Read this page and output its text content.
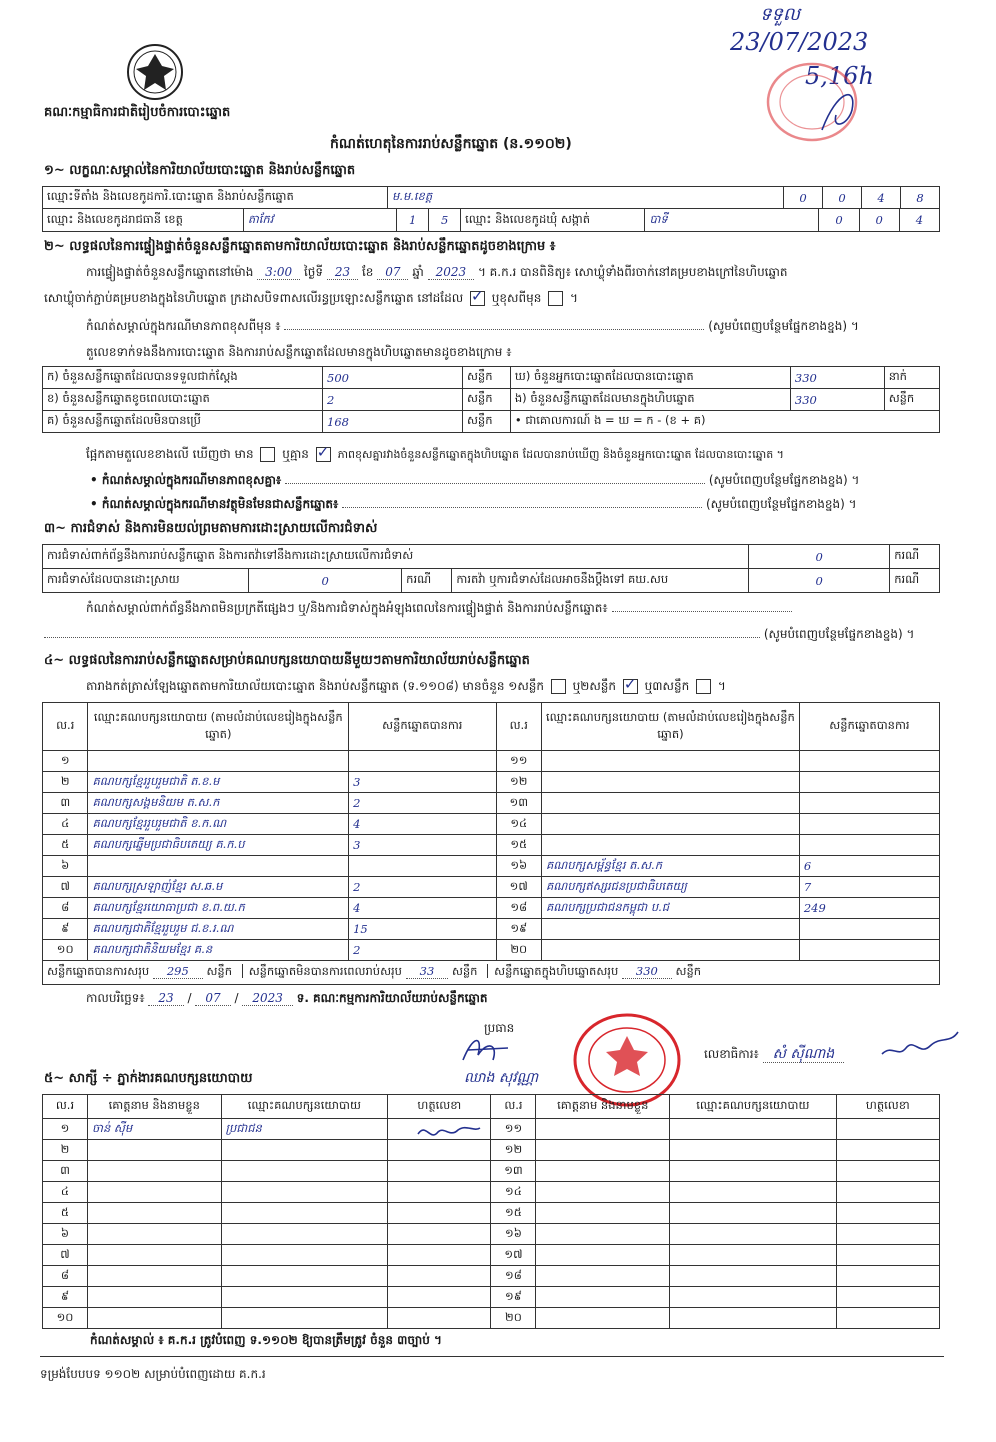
គណៈកម្មាធិការជាតិរៀបចំការបោះឆ្នោត
កំណត់ហេតុនៃការរាប់សន្លឹកឆ្នោត (ន.១១០២)
ទទួល
23/07/2023
5,16h
១~ លក្ខណៈសម្គាល់នៃការិយាល័យបោះឆ្នោត និងរាប់សន្លឹកឆ្នោត
ឈ្មោះទីតាំង និងលេខកូដការិ.បោះឆ្នោត និងរាប់សន្លឹកឆ្នោត	ម.ម.ខេត្ត	0	0	4	8

ឈ្មោះ និងលេខកូដរាជធានី ខេត្ត	តាកែវ	1	5	ឈ្មោះ និងលេខកូដឃុំ សង្កាត់	បាទី	0	0	4
២~ លទ្ធផលនៃការផ្ទៀងផ្ទាត់ចំនួនសន្លឹកឆ្នោតតាមការិយាល័យបោះឆ្នោត និងរាប់សន្លឹកឆ្នោតដូចខាងក្រោម ៖
ការផ្ទៀងផ្ទាត់ចំនួនសន្លឹកឆ្នោតនៅម៉ោង 3:00 ថ្ងៃទី 23 ខែ 07 ឆ្នាំ 2023 ។ គ.ក.រ បានពិនិត្យ៖ សោឃ្លុំទាំងពីរចាក់នៅគម្របខាងក្រៅនៃហិបឆ្នោត
សោឃ្លុំចាក់ភ្ជាប់គម្របខាងក្នុងនៃហិបឆ្នោត ក្រដាសបិទពាសលើរន្ធប្រឡោះសន្លឹកឆ្នោត នៅដដែល ✓ ឬខុសពីមុន  ។
កំណត់សម្គាល់ក្នុងករណីមានភាពខុសពីមុន ៖	(សូមបំពេញបន្ថែមផ្នែកខាងខ្នង) ។
តួលេខទាក់ទងនឹងការបោះឆ្នោត និងការរាប់សន្លឹកឆ្នោតដែលមានក្នុងហិបឆ្នោតមានដូចខាងក្រោម ៖
ក) ចំនួនសន្លឹកឆ្នោតដែលបានទទួលជាក់ស្តែង	500	សន្លឹក	ឃ) ចំនួនអ្នកបោះឆ្នោតដែលបានបោះឆ្នោត	330	នាក់
ខ) ចំនួនសន្លឹកឆ្នោតខូចពេលបោះឆ្នោត	2	សន្លឹក	ង) ចំនួនសន្លឹកឆ្នោតដែលមានក្នុងហិបឆ្នោត	330	សន្លឹក
គ) ចំនួនសន្លឹកឆ្នោតដែលមិនបានប្រើ	168	សន្លឹក	• ជាគោលការណ៍ ង = ឃ = ក - (ខ + គ)		
ផ្អែកតាមតួលេខខាងលើ ឃើញថា មាន ឬគ្មាន ✓	ភាពខុសគ្នារវាងចំនួនសន្លឹកឆ្នោតក្នុងហិបឆ្នោត ដែលបានរាប់ឃើញ និងចំនួនអ្នកបោះឆ្នោត ដែលបានបោះឆ្នោត ។
• កំណត់សម្គាល់ក្នុងករណីមានភាពខុសគ្នា៖	(សូមបំពេញបន្ថែមផ្នែកខាងខ្នង) ។
• កំណត់សម្គាល់ក្នុងករណីមានវត្ថុមិនមែនជាសន្លឹកឆ្នោត៖	(សូមបំពេញបន្ថែមផ្នែកខាងខ្នង) ។
៣~ ការជំទាស់ និងការមិនយល់ព្រមតាមការដោះស្រាយលើការជំទាស់
ការជំទាស់ពាក់ព័ន្ធនឹងការរាប់សន្លឹកឆ្នោត និងការតវ៉ាទៅនឹងការដោះស្រាយលើការជំទាស់				0	ករណី
ការជំទាស់ដែលបានដោះស្រាយ	0	ករណី	ការតវ៉ា ឬការជំទាស់ដែលអាចនឹងប្តឹងទៅ គឃ.សប	0	ករណី
កំណត់សម្គាល់ពាក់ព័ន្ធនឹងភាពមិនប្រក្រតីផ្សេងៗ ឬ/និងការជំទាស់ក្នុងអំឡុងពេលនៃការផ្ទៀងផ្ទាត់ និងការរាប់សន្លឹកឆ្នោត៖
(សូមបំពេញបន្ថែមផ្នែកខាងខ្នង) ។
៤~ លទ្ធផលនៃការរាប់សន្លឹកឆ្នោតសម្រាប់គណបក្សនយោបាយនីមួយៗតាមការិយាល័យរាប់សន្លឹកឆ្នោត
តារាងកត់ត្រាស់ឡែងឆ្នោតតាមការិយាល័យបោះឆ្នោត និងរាប់សន្លឹកឆ្នោត (ទ.១១០៨) មានចំនួន ១សន្លឹក ឬ២សន្លឹក ✓ ឬ៣សន្លឹក  ។
ល.រ	ឈ្មោះគណបក្សនយោបាយ (តាមលំដាប់លេខរៀងក្នុងសន្លឹកឆ្នោត)	សន្លឹកឆ្នោតបានការ	ល.រ	ឈ្មោះគណបក្សនយោបាយ (តាមលំដាប់លេខរៀងក្នុងសន្លឹកឆ្នោត)	សន្លឹកឆ្នោតបានការ
១			១១		
២	គណបក្សខ្មែររួបរួមជាតិ ត.ខ.ម	3	១២		
៣	គណបក្សសង្គមនិយម ត.ស.ក	2	១៣		
៤	គណបក្សខ្មែររួបរួមជាតិ ខ.ក.ណ	4	១៤		
៥	គណបក្សឆ្នើមប្រជាធិបតេយ្យ គ.ក.ប	3	១៥		
៦			១៦	គណបក្សសម្ព័ន្ធខ្មែរ ត.ស.ក	6
៧	គណបក្សស្រឡាញ់ខ្មែរ ស.ឆ.ម	2	១៧	គណបក្សឥស្សរជនប្រជាធិបតេយ្យ	7
៨	គណបក្សខ្មែរយោធាប្រជា ខ.ព.យ.ក	4	១៨	គណបក្សប្រជាជនកម្ពុជា ប.ជ	249
៩	គណបក្សជាតិខ្មែររួបរួម ជ.ខ.រ.ណ	15	១៩		
១០	គណបក្សជាតិនិយមខ្មែរ គ.ន	2	២០		
សន្លឹកឆ្នោតបានការសរុប 295 សន្លឹក សន្លឹកឆ្នោតមិនបានការពេលរាប់សរុប 33 សន្លឹក សន្លឹកឆ្នោតក្នុងហិបឆ្នោតសរុប 330 សន្លឹក					
កាលបរិច្ឆេទ៖ 23 / 07 / 2023 ទ. គណៈកម្មការការិយាល័យរាប់សន្លឹកឆ្នោត
ប្រធាន
ឈាង សុវណ្ណា
លេខាធិការ៖ សំ ស៊ីណាង
៥~ សាក្សី ÷ ភ្នាក់ងារគណបក្សនយោបាយ
ល.រ	គោត្តនាម និងនាមខ្លួន	ឈ្មោះគណបក្សនយោបាយ	ហត្ថលេខា	ល.រ	គោត្តនាម និងនាមខ្លួន	ឈ្មោះគណបក្សនយោបាយ	ហត្ថលេខា
១	ចាន់ ស៊ីម	ប្រជាជន		១១			
២				១២			
៣				១៣			
៤				១៤			
៥				១៥			
៦				១៦			
៧				១៧			
៨				១៨			
៩				១៩			
១០				២០			
កំណត់សម្គាល់ ៖ គ.ក.រ ត្រូវបំពេញ ទ.១១០២ ឱ្យបានត្រឹមត្រូវ ចំនួន ៣ច្បាប់ ។
ទម្រង់បែបបទ ១១០២ សម្រាប់បំពេញដោយ គ.ក.រ
